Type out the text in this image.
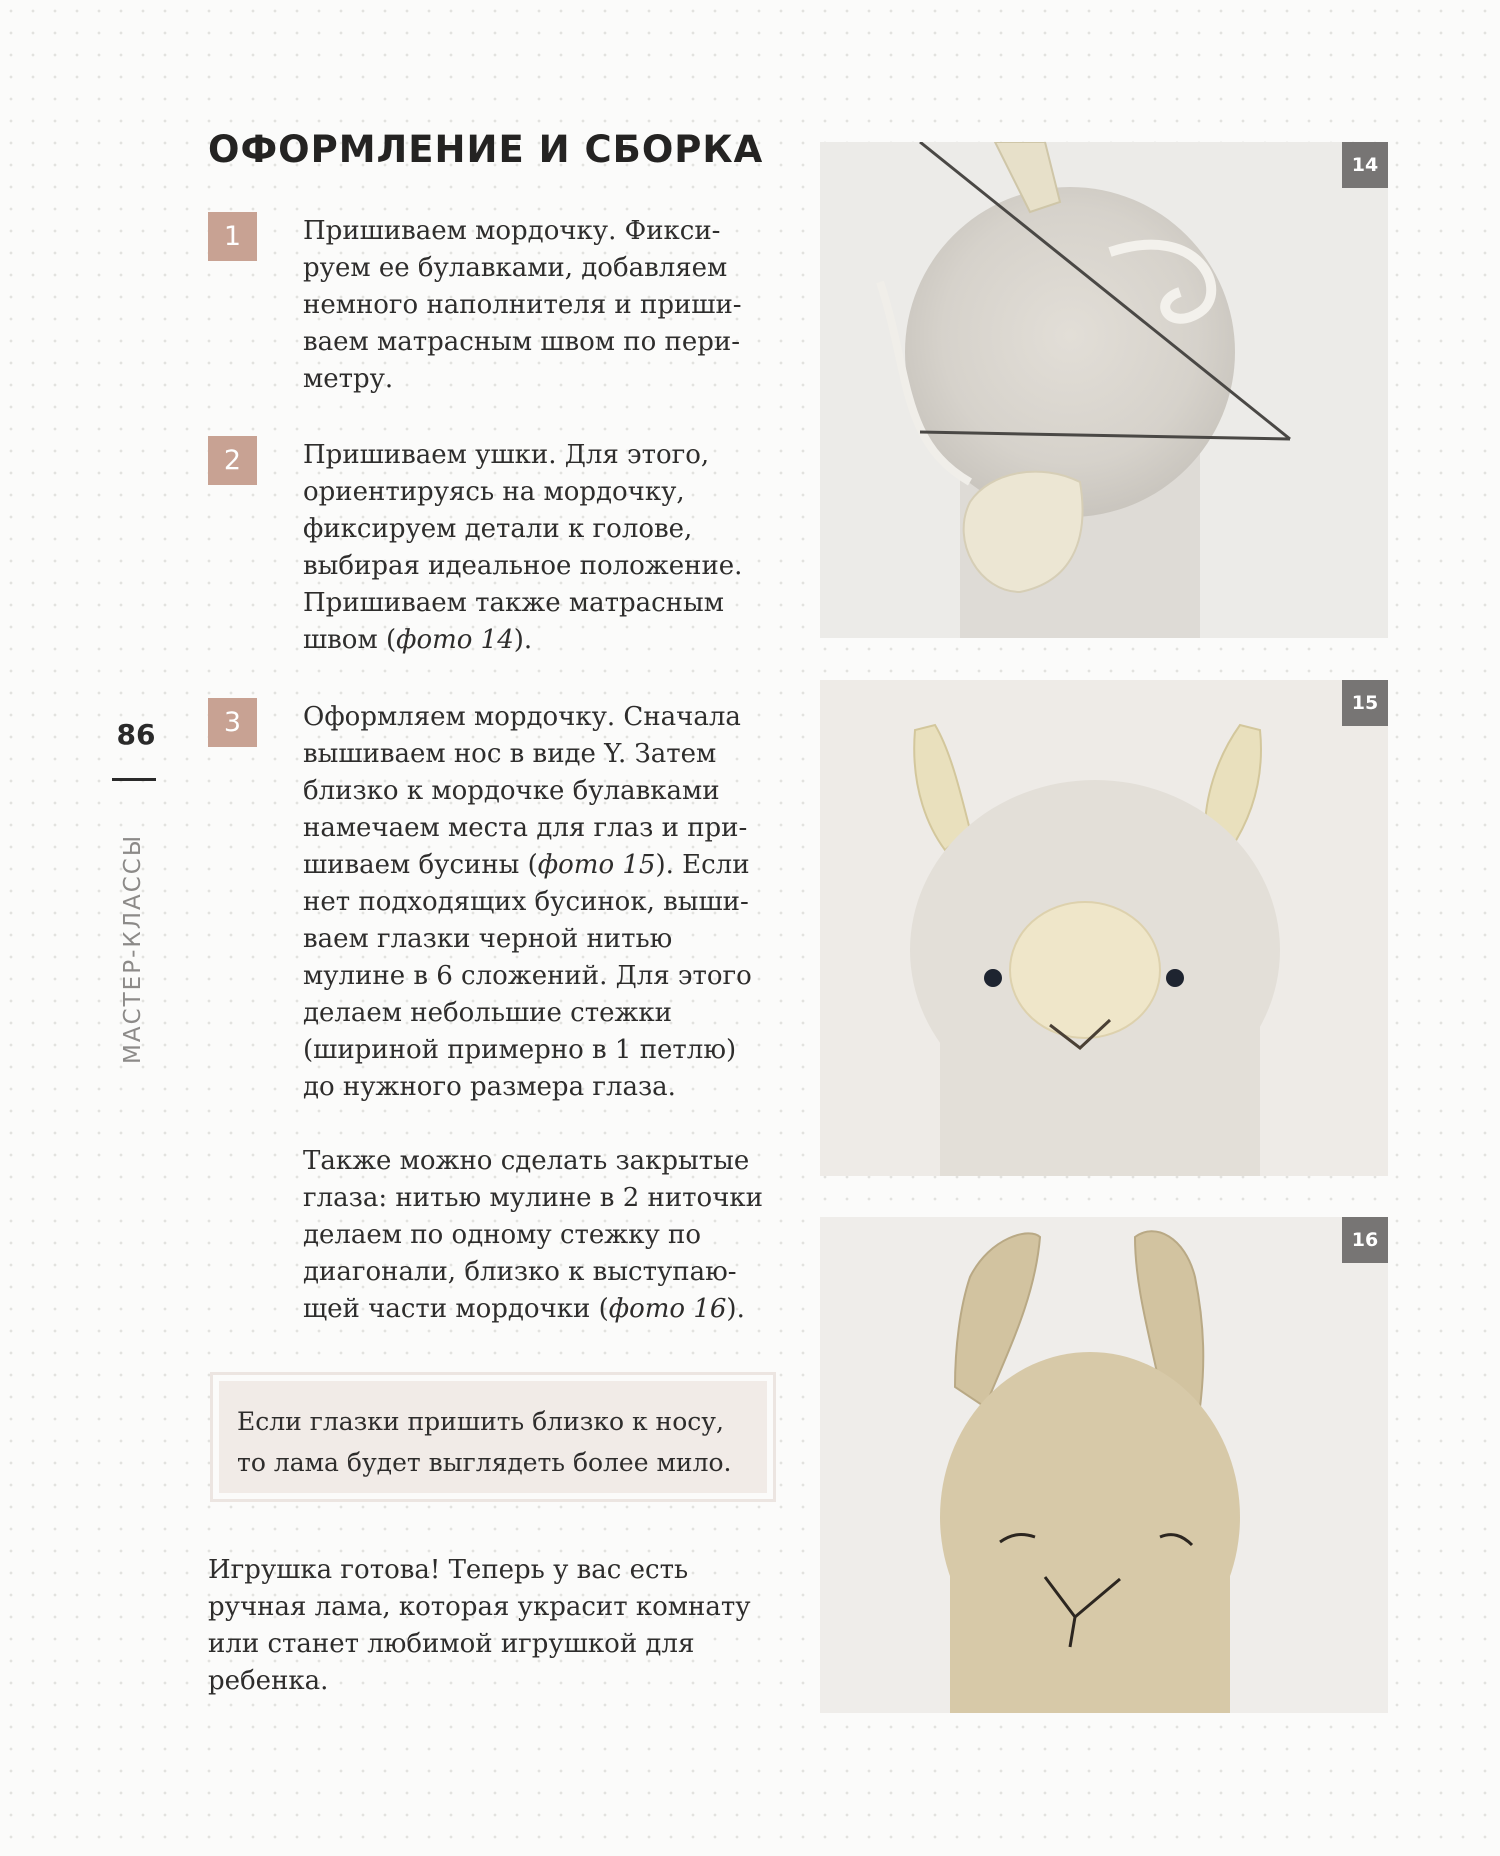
ОФОРМЛЕНИЕ И СБОРКА
1	Пришиваем мордочку. Фикси-

руем ее булавками, добавляем

немного наполнителя и приши-

ваем матрасным швом по пери-

метру.

2	Пришиваем ушки. Для этого,

ориентируясь на мордочку,

фиксируем детали к голове,

выбирая идеальное положение.

Пришиваем также матрасным

швом (фото 14).

3	Оформляем мордочку. Сначала

вышиваем нос в виде Y. Затем

близко к мордочке булавками

намечаем места для глаз и при-

шиваем бусины (фото 15). Если

нет подходящих бусинок, выши-

ваем глазки черной нитью

мулине в 6 сложений. Для этого

делаем небольшие стежки

(шириной примерно в 1 петлю)

до нужного размера глаза.

Также можно сделать закрытые

глаза: нитью мулине в 2 ниточки

делаем по одному стежку по

диагонали, близко к выступаю-

щей части мордочки (фото 16).

Если глазки пришить близко к носу,
то лама будет выглядеть более мило.
Игрушка готова! Теперь у вас есть
ручная лама, которая украсит комнату
или станет любимой игрушкой для
ребенка.
86
МАСТЕР-КЛАССЫ
14
15
16
